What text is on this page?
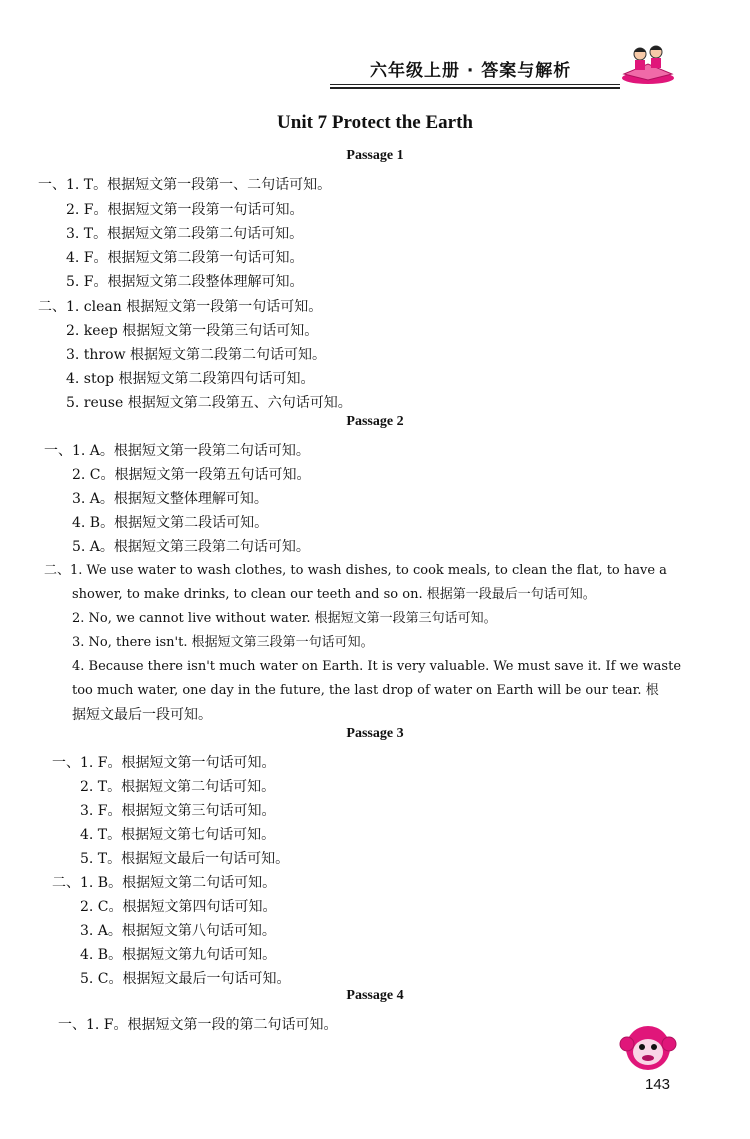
六年级上册 · 答案与解析
Unit 7 Protect the Earth
Passage 1
一、1. T。根据短文第一段第一、二句话可知。
2. F。根据短文第一段第一句话可知。
3. T。根据短文第二段第二句话可知。
4. F。根据短文第二段第一句话可知。
5. F。根据短文第二段整体理解可知。
二、1. clean 根据短文第一段第一句话可知。
2. keep 根据短文第一段第三句话可知。
3. throw 根据短文第二段第二句话可知。
4. stop 根据短文第二段第四句话可知。
5. reuse 根据短文第二段第五、六句话可知。
Passage 2
一、1. A。根据短文第一段第二句话可知。
2. C。根据短文第一段第五句话可知。
3. A。根据短文整体理解可知。
4. B。根据短文第二段话可知。
5. A。根据短文第三段第二句话可知。
二、1. We use water to wash clothes, to wash dishes, to cook meals, to clean the flat, to have a
shower, to make drinks, to clean our teeth and so on. 根据第一段最后一句话可知。
2. No, we cannot live without water. 根据短文第一段第三句话可知。
3. No, there isn't. 根据短文第三段第一句话可知。
4. Because there isn't much water on Earth. It is very valuable. We must save it. If we waste
too much water, one day in the future, the last drop of water on Earth will be our tear. 根
据短文最后一段可知。
Passage 3
一、1. F。根据短文第一句话可知。
2. T。根据短文第二句话可知。
3. F。根据短文第三句话可知。
4. T。根据短文第七句话可知。
5. T。根据短文最后一句话可知。
二、1. B。根据短文第二句话可知。
2. C。根据短文第四句话可知。
3. A。根据短文第八句话可知。
4. B。根据短文第九句话可知。
5. C。根据短文最后一句话可知。
Passage 4
一、1. F。根据短文第一段的第二句话可知。
143
